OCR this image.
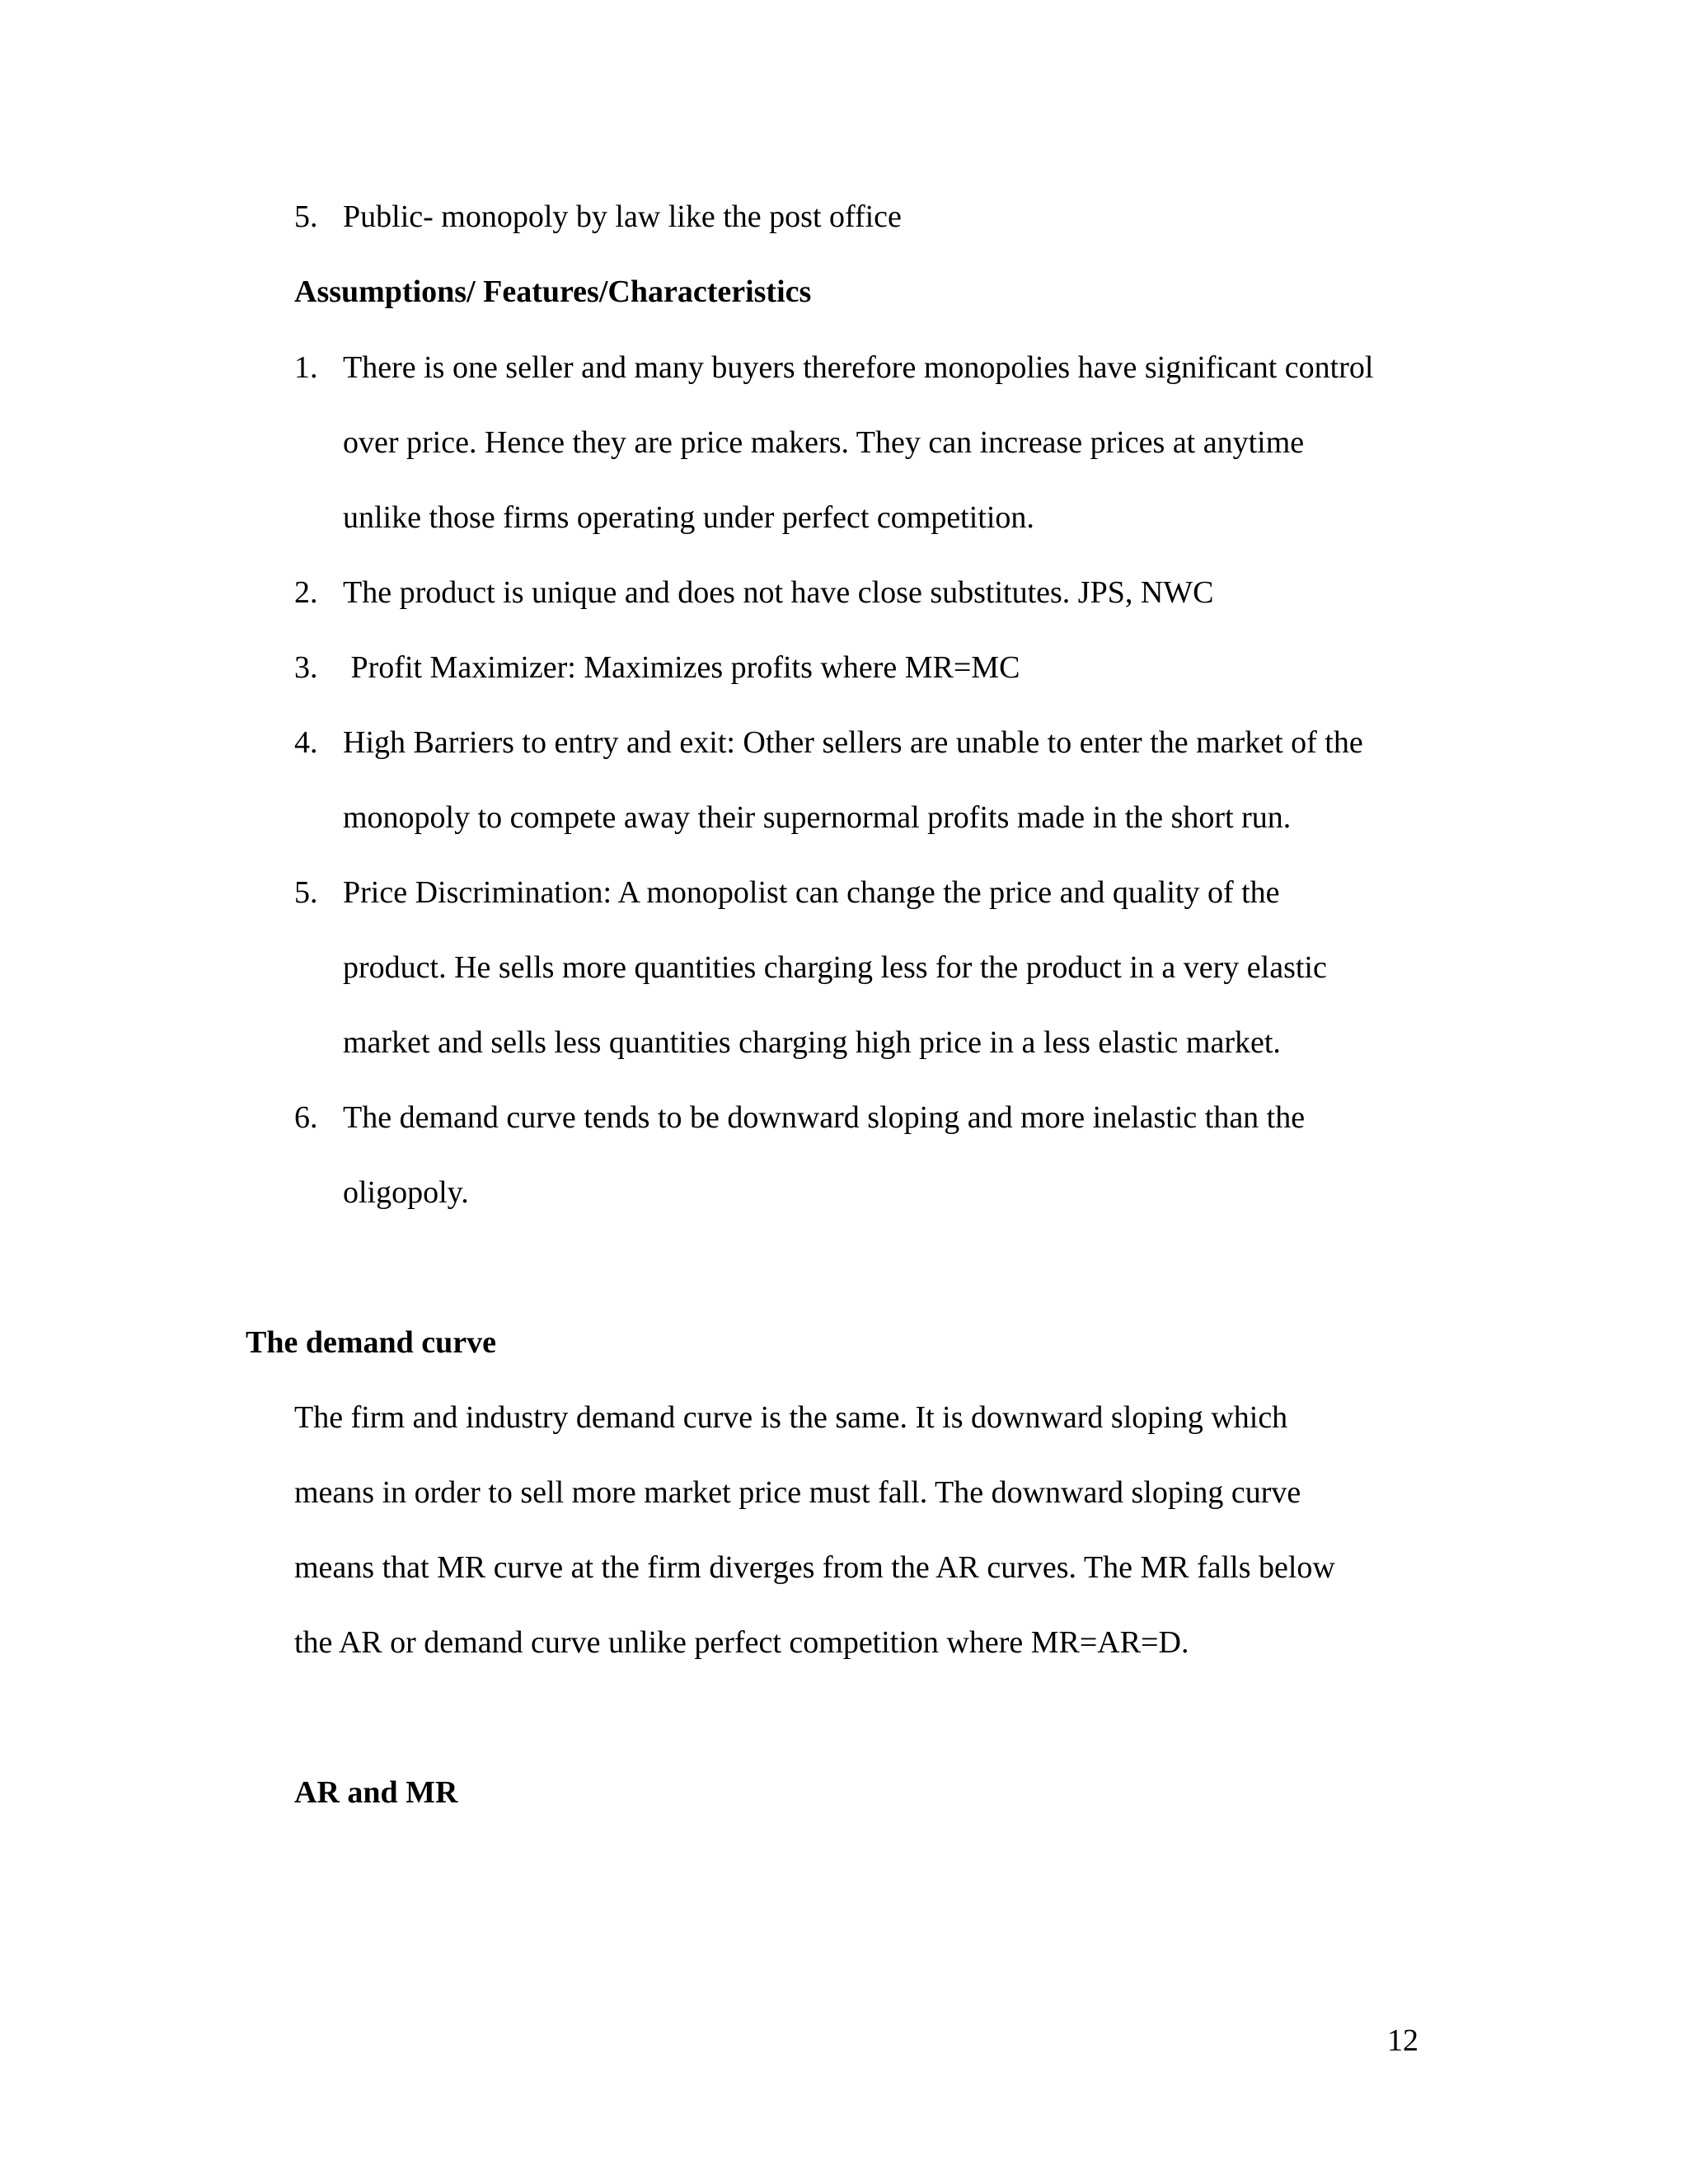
5. Public- monopoly by law like the post office
Assumptions/ Features/Characteristics
1. There is one seller and many buyers therefore monopolies have significant control
over price. Hence they are price makers. They can increase prices at anytime
unlike those firms operating under perfect competition.
2. The product is unique and does not have close substitutes. JPS, NWC
3. Profit Maximizer: Maximizes profits where MR=MC
4. High Barriers to entry and exit: Other sellers are unable to enter the market of the
monopoly to compete away their supernormal profits made in the short run.
5. Price Discrimination: A monopolist can change the price and quality of the
product. He sells more quantities charging less for the product in a very elastic
market and sells less quantities charging high price in a less elastic market.
6. The demand curve tends to be downward sloping and more inelastic than the
oligopoly.
The demand curve
The firm and industry demand curve is the same. It is downward sloping which
means in order to sell more market price must fall. The downward sloping curve
means that MR curve at the firm diverges from the AR curves. The MR falls below
the AR or demand curve unlike perfect competition where MR=AR=D.
AR and MR
12
